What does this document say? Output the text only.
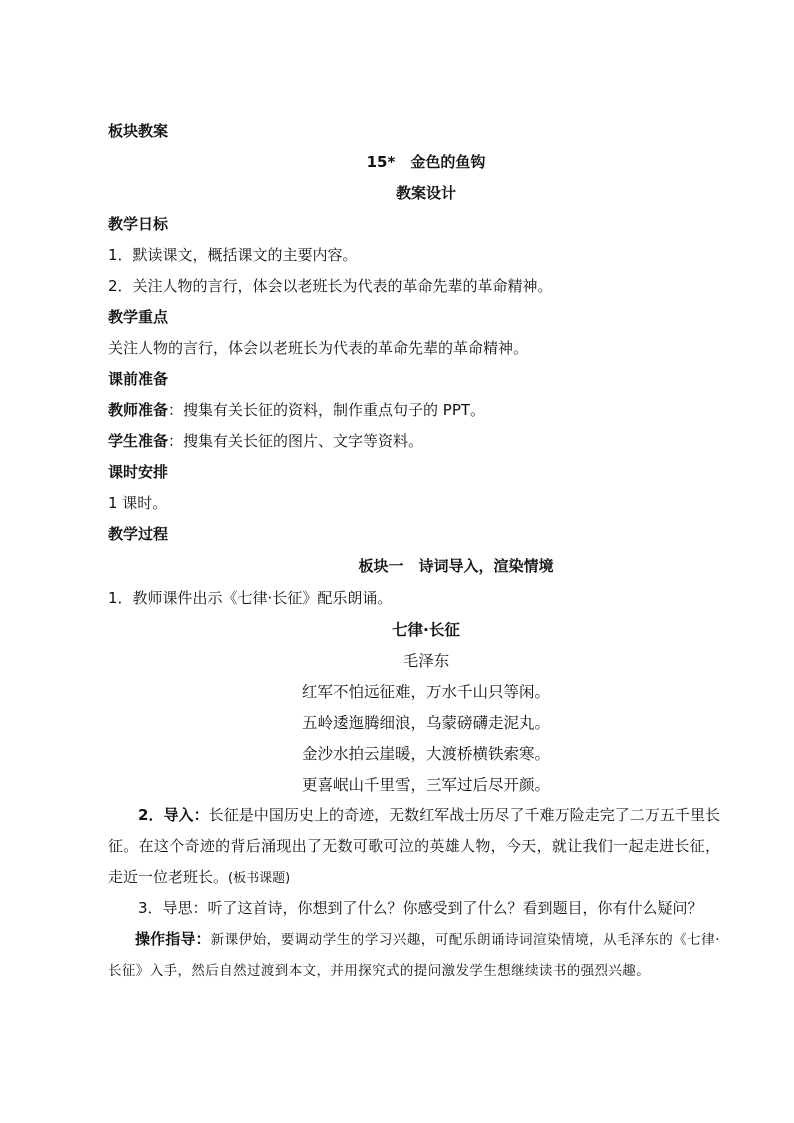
板块教案
15*　金色的鱼钩
教案设计
教学日标
1．默读课文，概括课文的主要内容。
2．关注人物的言行，体会以老班长为代表的革命先辈的革命精神。
教学重点
关注人物的言行，体会以老班长为代表的革命先辈的革命精神。
课前准备
教师准备：搜集有关长征的资料，制作重点句子的 PPT。
学生准备：搜集有关长征的图片、文字等资料。
课时安排
1 课时。
教学过程
板块一　诗词导入，渲染情境
1．教师课件出示《七律·长征》配乐朗诵。
七律·长征
毛泽东
红军不怕远征难，万水千山只等闲。
五岭逶迤腾细浪，乌蒙磅礴走泥丸。
金沙水拍云崖暖，大渡桥横铁索寒。
更喜岷山千里雪，三军过后尽开颜。
2．导入：长征是中国历史上的奇迹，无数红军战士历尽了千难万险走完了二万五千里长征。在这个奇迹的背后涌现出了无数可歌可泣的英雄人物，今天，就让我们一起走进长征，走近一位老班长。(板书课题)
3．导思：听了这首诗，你想到了什么？你感受到了什么？看到题目，你有什么疑问？
操作指导：新课伊始，要调动学生的学习兴趣，可配乐朗诵诗词渲染情境，从毛泽东的《七律·长征》入手，然后自然过渡到本文，并用探究式的提问激发学生想继续读书的强烈兴趣。
